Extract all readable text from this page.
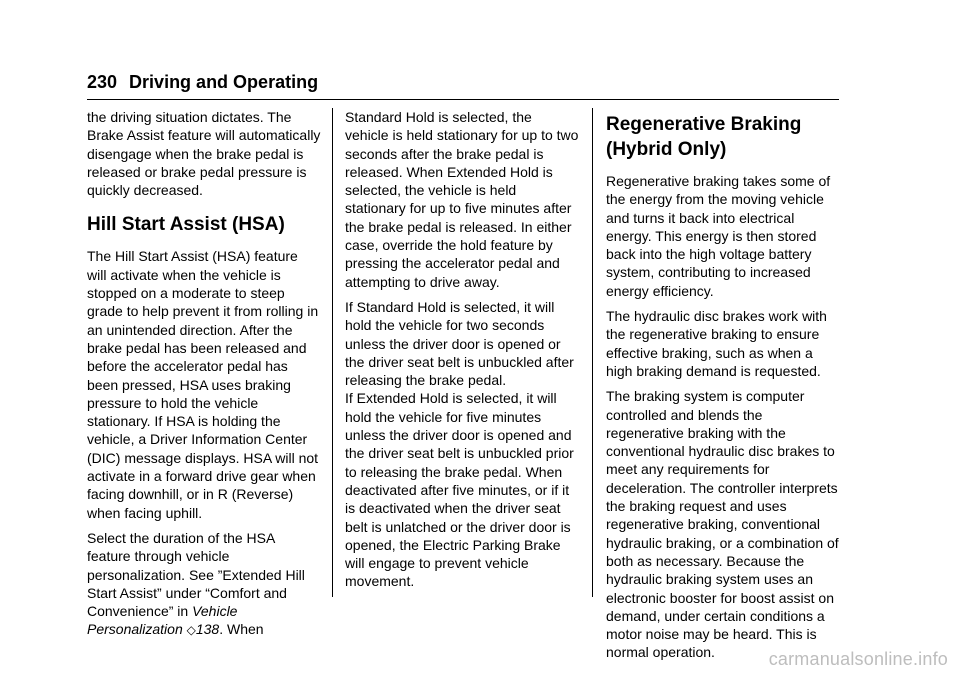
230 Driving and Operating

the driving situation dictates. The Brake Assist feature will automatically disengage when the brake pedal is released or brake pedal pressure is quickly decreased.

Hill Start Assist (HSA)

The Hill Start Assist (HSA) feature will activate when the vehicle is stopped on a moderate to steep grade to help prevent it from rolling in an unintended direction. After the brake pedal has been released and before the accelerator pedal has been pressed, HSA uses braking pressure to hold the vehicle stationary. If HSA is holding the vehicle, a Driver Information Center (DIC) message displays. HSA will not activate in a forward drive gear when facing downhill, or in R (Reverse) when facing uphill.

Select the duration of the HSA feature through vehicle personalization. See ”Extended Hill Start Assist” under “Comfort and Convenience” in Vehicle Personalization ◇138. When

Standard Hold is selected, the vehicle is held stationary for up to two seconds after the brake pedal is released. When Extended Hold is selected, the vehicle is held stationary for up to five minutes after the brake pedal is released. In either case, override the hold feature by pressing the accelerator pedal and attempting to drive away.

If Standard Hold is selected, it will hold the vehicle for two seconds unless the driver door is opened or the driver seat belt is unbuckled after releasing the brake pedal.
If Extended Hold is selected, it will hold the vehicle for five minutes unless the driver door is opened and the driver seat belt is unbuckled prior to releasing the brake pedal. When deactivated after five minutes, or if it is deactivated when the driver seat belt is unlatched or the driver door is opened, the Electric Parking Brake will engage to prevent vehicle movement.

Regenerative Braking
(Hybrid Only)

Regenerative braking takes some of the energy from the moving vehicle and turns it back into electrical energy. This energy is then stored back into the high voltage battery system, contributing to increased energy efficiency.

The hydraulic disc brakes work with the regenerative braking to ensure effective braking, such as when a high braking demand is requested.

The braking system is computer controlled and blends the regenerative braking with the conventional hydraulic disc brakes to meet any requirements for deceleration. The controller interprets the braking request and uses regenerative braking, conventional hydraulic braking, or a combination of both as necessary. Because the hydraulic braking system uses an electronic booster for boost assist on demand, under certain conditions a motor noise may be heard. This is normal operation.	carmanualsonline.info
